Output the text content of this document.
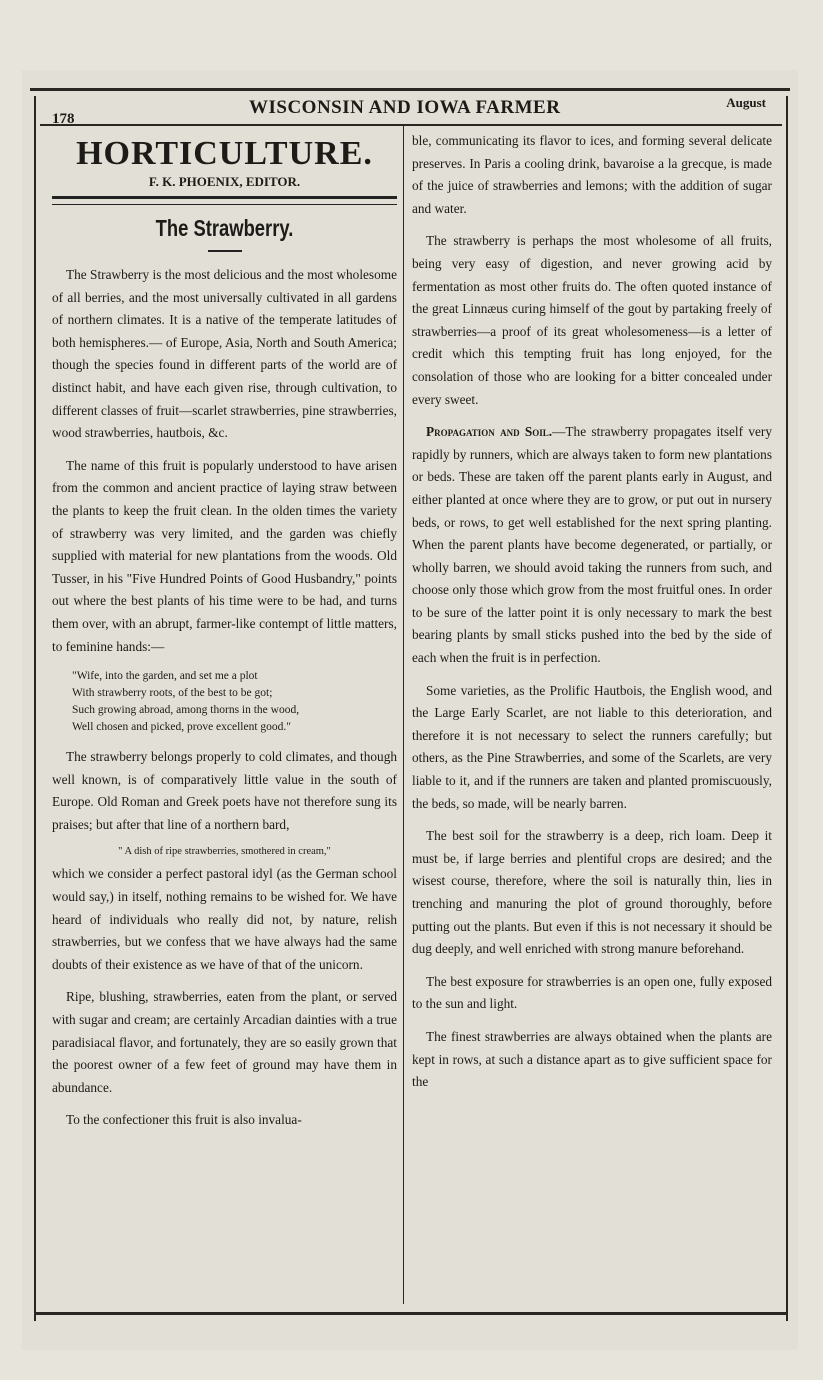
178
WISCONSIN AND IOWA FARMER	August
HORTICULTURE.
F. K. PHOENIX, EDITOR.
The Strawberry.

The Strawberry is the most delicious and the most wholesome of all berries, and the most universally cultivated in all gardens of northern climates. It is a native of the temperate latitudes of both hemispheres.— of Europe, Asia, North and South America; though the species found in different parts of the world are of distinct habit, and have each given rise, through cultivation, to different classes of fruit—scarlet strawberries, pine strawberries, wood strawberries, hautbois, &c.

The name of this fruit is popularly understood to have arisen from the common and ancient practice of laying straw between the plants to keep the fruit clean. In the olden times the variety of strawberry was very limited, and the garden was chiefly supplied with material for new plantations from the woods. Old Tusser, in his "Five Hundred Points of Good Husbandry," points out where the best plants of his time were to be had, and turns them over, with an abrupt, farmer-like contempt of little matters, to feminine hands:—

"Wife, into the garden, and set me a plot
With strawberry roots, of the best to be got;
Such growing abroad, among thorns in the wood,
Well chosen and picked, prove excellent good."

The strawberry belongs properly to cold climates, and though well known, is of comparatively little value in the south of Europe. Old Roman and Greek poets have not therefore sung its praises; but after that line of a northern bard,

" A dish of ripe strawberries, smothered in cream,"

which we consider a perfect pastoral idyl (as the German school would say,) in itself, nothing remains to be wished for. We have heard of individuals who really did not, by nature, relish strawberries, but we confess that we have always had the same doubts of their existence as we have of that of the unicorn.

Ripe, blushing, strawberries, eaten from the plant, or served with sugar and cream; are certainly Arcadian dainties with a true paradisiacal flavor, and fortunately, they are so easily grown that the poorest owner of a few feet of ground may have them in abundance.

To the confectioner this fruit is also invalua-

ble, communicating its flavor to ices, and forming several delicate preserves. In Paris a cooling drink, bavaroise a la grecque, is made of the juice of strawberries and lemons; with the addition of sugar and water.

The strawberry is perhaps the most wholesome of all fruits, being very easy of digestion, and never growing acid by fermentation as most other fruits do. The often quoted instance of the great Linnæus curing himself of the gout by partaking freely of strawberries—a proof of its great wholesomeness—is a letter of credit which this tempting fruit has long enjoyed, for the consolation of those who are looking for a bitter concealed under every sweet.

Propagation and Soil.—The strawberry propagates itself very rapidly by runners, which are always taken to form new plantations or beds. These are taken off the parent plants early in August, and either planted at once where they are to grow, or put out in nursery beds, or rows, to get well established for the next spring planting. When the parent plants have become degenerated, or partially, or wholly barren, we should avoid taking the runners from such, and choose only those which grow from the most fruitful ones. In order to be sure of the latter point it is only necessary to mark the best bearing plants by small sticks pushed into the bed by the side of each when the fruit is in perfection.

Some varieties, as the Prolific Hautbois, the English wood, and the Large Early Scarlet, are not liable to this deterioration, and therefore it is not necessary to select the runners carefully; but others, as the Pine Strawberries, and some of the Scarlets, are very liable to it, and if the runners are taken and planted promiscuously, the beds, so made, will be nearly barren.

The best soil for the strawberry is a deep, rich loam. Deep it must be, if large berries and plentiful crops are desired; and the wisest course, therefore, where the soil is naturally thin, lies in trenching and manuring the plot of ground thoroughly, before putting out the plants. But even if this is not necessary it should be dug deeply, and well enriched with strong manure beforehand.

The best exposure for strawberries is an open one, fully exposed to the sun and light.

The finest strawberries are always obtained when the plants are kept in rows, at such a distance apart as to give sufficient space for the
